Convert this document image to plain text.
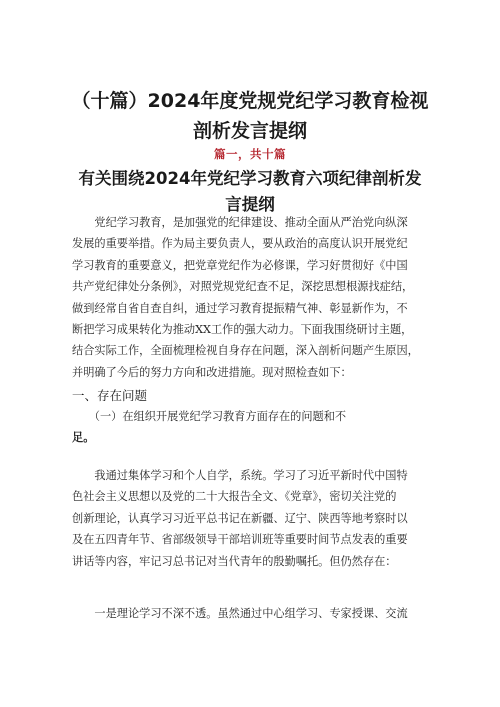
（十篇）2024年度党规党纪学习教育检视
剖析发言提纲
篇一，共十篇
有关围绕2024年党纪学习教育六项纪律剖析发
言提纲
　　党纪学习教育，是加强党的纪律建设、推动全面从严治党向纵深
发展的重要举措。作为局主要负责人，要从政治的高度认识开展党纪
学习教育的重要意义，把党章党纪作为必修课，学习好贯彻好《中国
共产党纪律处分条例》，对照党规党纪查不足，深挖思想根源找症结，
做到经常自省自查自纠，通过学习教育提振精气神、彰显新作为，不
断把学习成果转化为推动XX工作的强大动力。下面我围绕研讨主题，
结合实际工作，全面梳理检视自身存在问题，深入剖析问题产生原因，
并明确了今后的努力方向和改进措施。现对照检查如下：
一、存在问题
　　（一）在组织开展党纪学习教育方面存在的问题和不
足。
　　我通过集体学习和个人自学，系统。学习了习近平新时代中国特
色社会主义思想以及党的二十大报告全文、《党章》，密切关注党的
创新理论，认真学习习近平总书记在新疆、辽宁、陕西等地考察时以
及在五四青年节、省部级领导干部培训班等重要时间节点发表的重要
讲话等内容，牢记习总书记对当代青年的殷勤嘱托。但仍然存在：
　　一是理论学习不深不透。虽然通过中心组学习、专家授课、交流
